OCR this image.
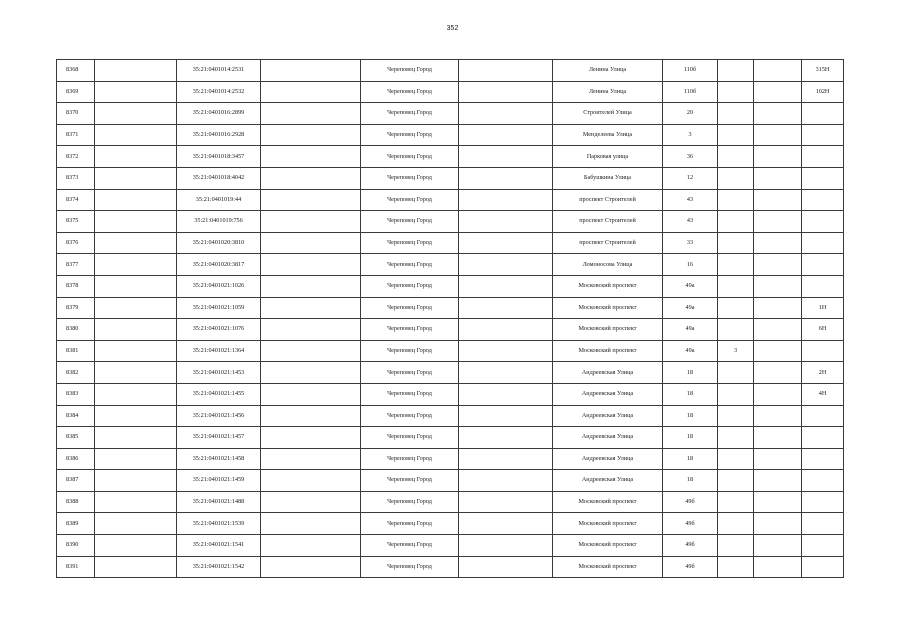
352
8368		35:21:0401014:2531		Череповец Город		Ленина Улица	110б			315Н
8369		35:21:0401014:2532		Череповец Город		Ленина Улица	110б			102Н
8370		35:21:0401016:2899		Череповец Город		Строителей Улица	20			
8371		35:21:0401016:2928		Череповец Город		Менделеева Улица	3			
8372		35:21:0401018:3457		Череповец Город		Парковая улица	36			
8373		35:21:0401018:4042		Череповец Город		Бабушкина Улица	12			
8374		35:21:0401019:44		Череповец Город		проспект Строителей	43			
8375		35:21:0401019:756		Череповец Город		проспект Строителей	43			
8376		35:21:0401020:3810		Череповец Город		проспект Строителей	33			
8377		35:21:0401020:3817		Череповец Город		Ломоносова Улица	16			
8378		35:21:0401021:1026		Череповец Город		Московский проспект	49а			
8379		35:21:0401021:1059		Череповец Город		Московский проспект	49а			1Н
8380		35:21:0401021:1076		Череповец Город		Московский проспект	49а			6Н
8381		35:21:0401021:1364		Череповец Город		Московский проспект	49а	3		
8382		35:21:0401021:1453		Череповец Город		Андреевская Улица	18			2Н
8383		35:21:0401021:1455		Череповец Город		Андреевская Улица	18			4Н
8384		35:21:0401021:1456		Череповец Город		Андреевская Улица	18			
8385		35:21:0401021:1457		Череповец Город		Андреевская Улица	18			
8386		35:21:0401021:1458		Череповец Город		Андреевская Улица	18			
8387		35:21:0401021:1459		Череповец Город		Андреевская Улица	18			
8388		35:21:0401021:1488		Череповец Город		Московский проспект	49б			
8389		35:21:0401021:1539		Череповец Город		Московский проспект	49б			
8390		35:21:0401021:1541		Череповец Город		Московский проспект	49б			
8391		35:21:0401021:1542		Череповец Город		Московский проспект	49б			
